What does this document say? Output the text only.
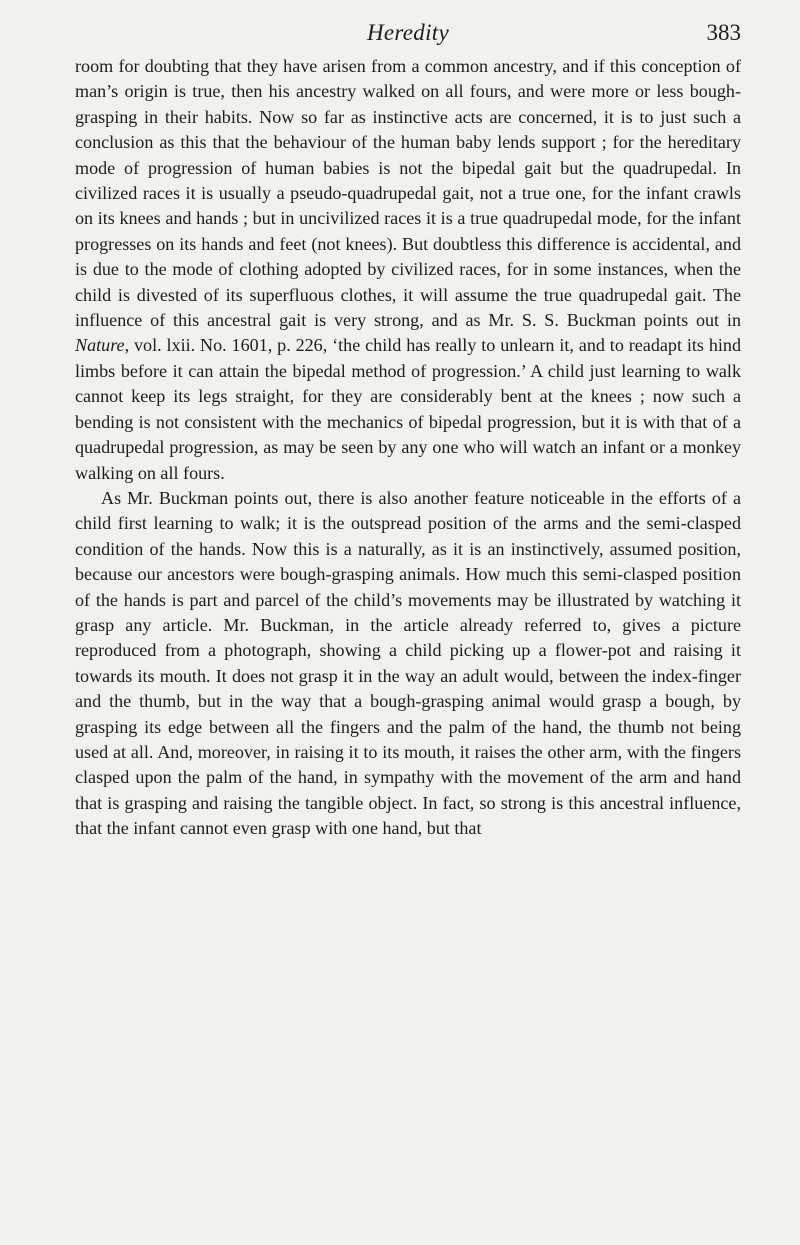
Heredity	383

room for doubting that they have arisen from a common ancestry, and if this conception of man’s origin is true, then his ancestry walked on all fours, and were more or less bough-grasping in their habits. Now so far as instinctive acts are concerned, it is to just such a conclusion as this that the behaviour of the human baby lends support ; for the hereditary mode of progression of human babies is not the bipedal gait but the quadrupedal. In civilized races it is usually a pseudo-quadrupedal gait, not a true one, for the infant crawls on its knees and hands ; but in uncivilized races it is a true quadrupedal mode, for the infant progresses on its hands and feet (not knees). But doubtless this difference is accidental, and is due to the mode of clothing adopted by civilized races, for in some instances, when the child is divested of its superfluous clothes, it will assume the true quadrupedal gait. The influence of this ancestral gait is very strong, and as Mr. S. S. Buckman points out in Nature, vol. lxii. No. 1601, p. 226, ‘the child has really to unlearn it, and to readapt its hind limbs before it can attain the bipedal method of progression.’ A child just learning to walk cannot keep its legs straight, for they are considerably bent at the knees ; now such a bending is not consistent with the mechanics of bipedal progression, but it is with that of a quadrupedal progression, as may be seen by any one who will watch an infant or a monkey walking on all fours.

As Mr. Buckman points out, there is also another feature noticeable in the efforts of a child first learning to walk; it is the outspread position of the arms and the semi-clasped condition of the hands. Now this is a naturally, as it is an instinctively, assumed position, because our ancestors were bough-grasping animals. How much this semi-clasped position of the hands is part and parcel of the child’s movements may be illustrated by watching it grasp any article. Mr. Buckman, in the article already referred to, gives a picture reproduced from a photograph, showing a child picking up a flower-pot and raising it towards its mouth. It does not grasp it in the way an adult would, between the index-finger and the thumb, but in the way that a bough-grasping animal would grasp a bough, by grasping its edge between all the fingers and the palm of the hand, the thumb not being used at all. And, moreover, in raising it to its mouth, it raises the other arm, with the fingers clasped upon the palm of the hand, in sympathy with the movement of the arm and hand that is grasping and raising the tangible object. In fact, so strong is this ancestral influence, that the infant cannot even grasp with one hand, but that
